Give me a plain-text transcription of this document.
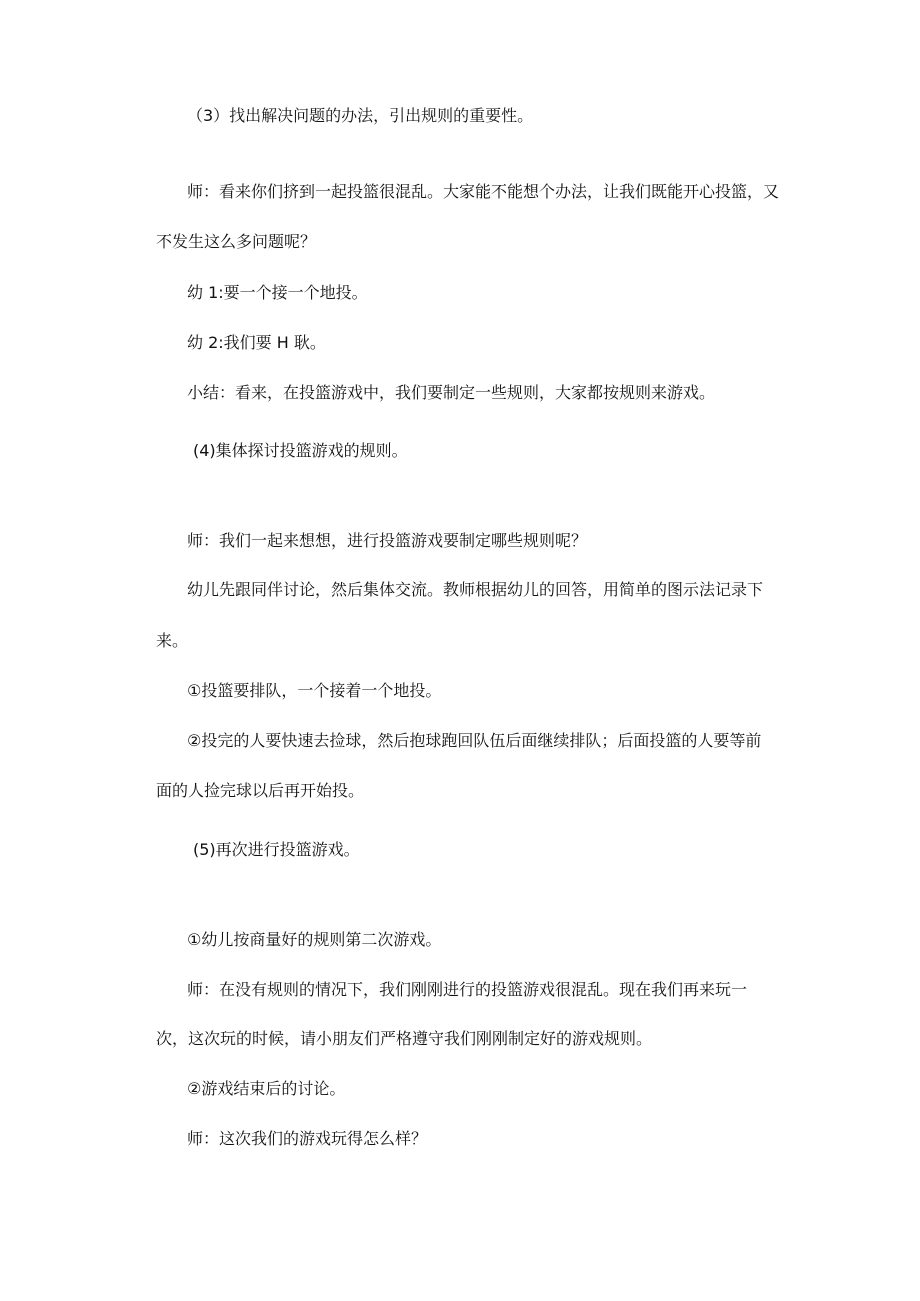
（3）找出解决问题的办法，引出规则的重要性。
师：看来你们挤到一起投篮很混乱。大家能不能想个办法，让我们既能开心投篮，又
不发生这么多问题呢？
幼 1:要一个接一个地投。
幼 2:我们要 H 耿。
小结：看来，在投篮游戏中，我们要制定一些规则，大家都按规则来游戏。
(4)集体探讨投篮游戏的规则。
师：我们一起来想想，进行投篮游戏要制定哪些规则呢？
幼儿先跟同伴讨论，然后集体交流。教师根据幼儿的回答，用简单的图示法记录下
来。
①投篮要排队，一个接着一个地投。
②投完的人要快速去捡球，然后抱球跑回队伍后面继续排队；后面投篮的人要等前
面的人捡完球以后再开始投。
(5)再次进行投篮游戏。
①幼儿按商量好的规则第二次游戏。
师：在没有规则的情况下，我们刚刚进行的投篮游戏很混乱。现在我们再来玩一
次，这次玩的时候，请小朋友们严格遵守我们刚刚制定好的游戏规则。
②游戏结束后的讨论。
师：这次我们的游戏玩得怎么样？
